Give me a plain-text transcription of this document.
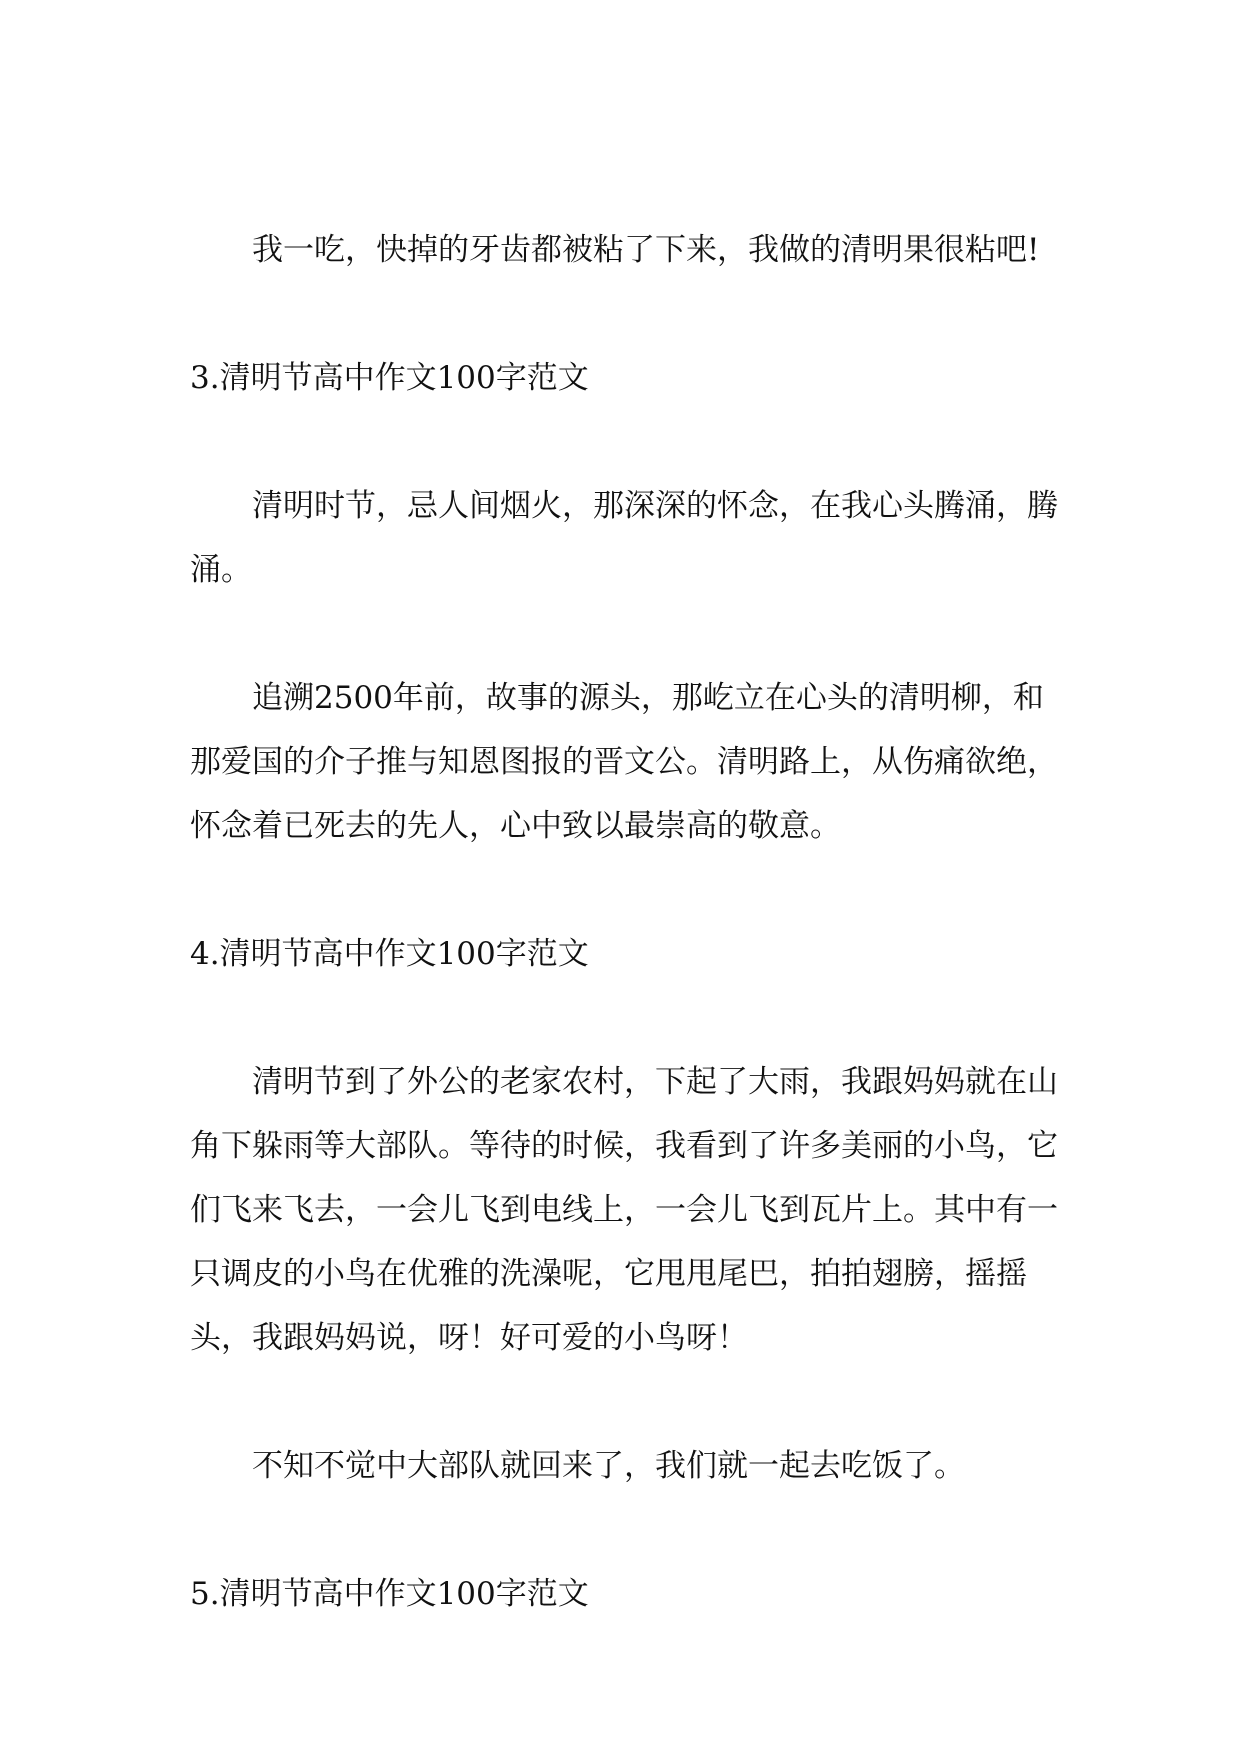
我一吃，快掉的牙齿都被粘了下来，我做的清明果很粘吧!

3.清明节高中作文100字范文

清明时节，忌人间烟火，那深深的怀念，在我心头腾涌，腾涌。

追溯2500年前，故事的源头，那屹立在心头的清明柳，和那爱国的介子推与知恩图报的晋文公。清明路上，从伤痛欲绝，怀念着已死去的先人，心中致以最崇高的敬意。

4.清明节高中作文100字范文

清明节到了外公的老家农村，下起了大雨，我跟妈妈就在山角下躲雨等大部队。等待的时候，我看到了许多美丽的小鸟，它们飞来飞去，一会儿飞到电线上，一会儿飞到瓦片上。其中有一只调皮的小鸟在优雅的洗澡呢，它甩甩尾巴，拍拍翅膀，摇摇头，我跟妈妈说，呀！好可爱的小鸟呀！

不知不觉中大部队就回来了，我们就一起去吃饭了。

5.清明节高中作文100字范文
